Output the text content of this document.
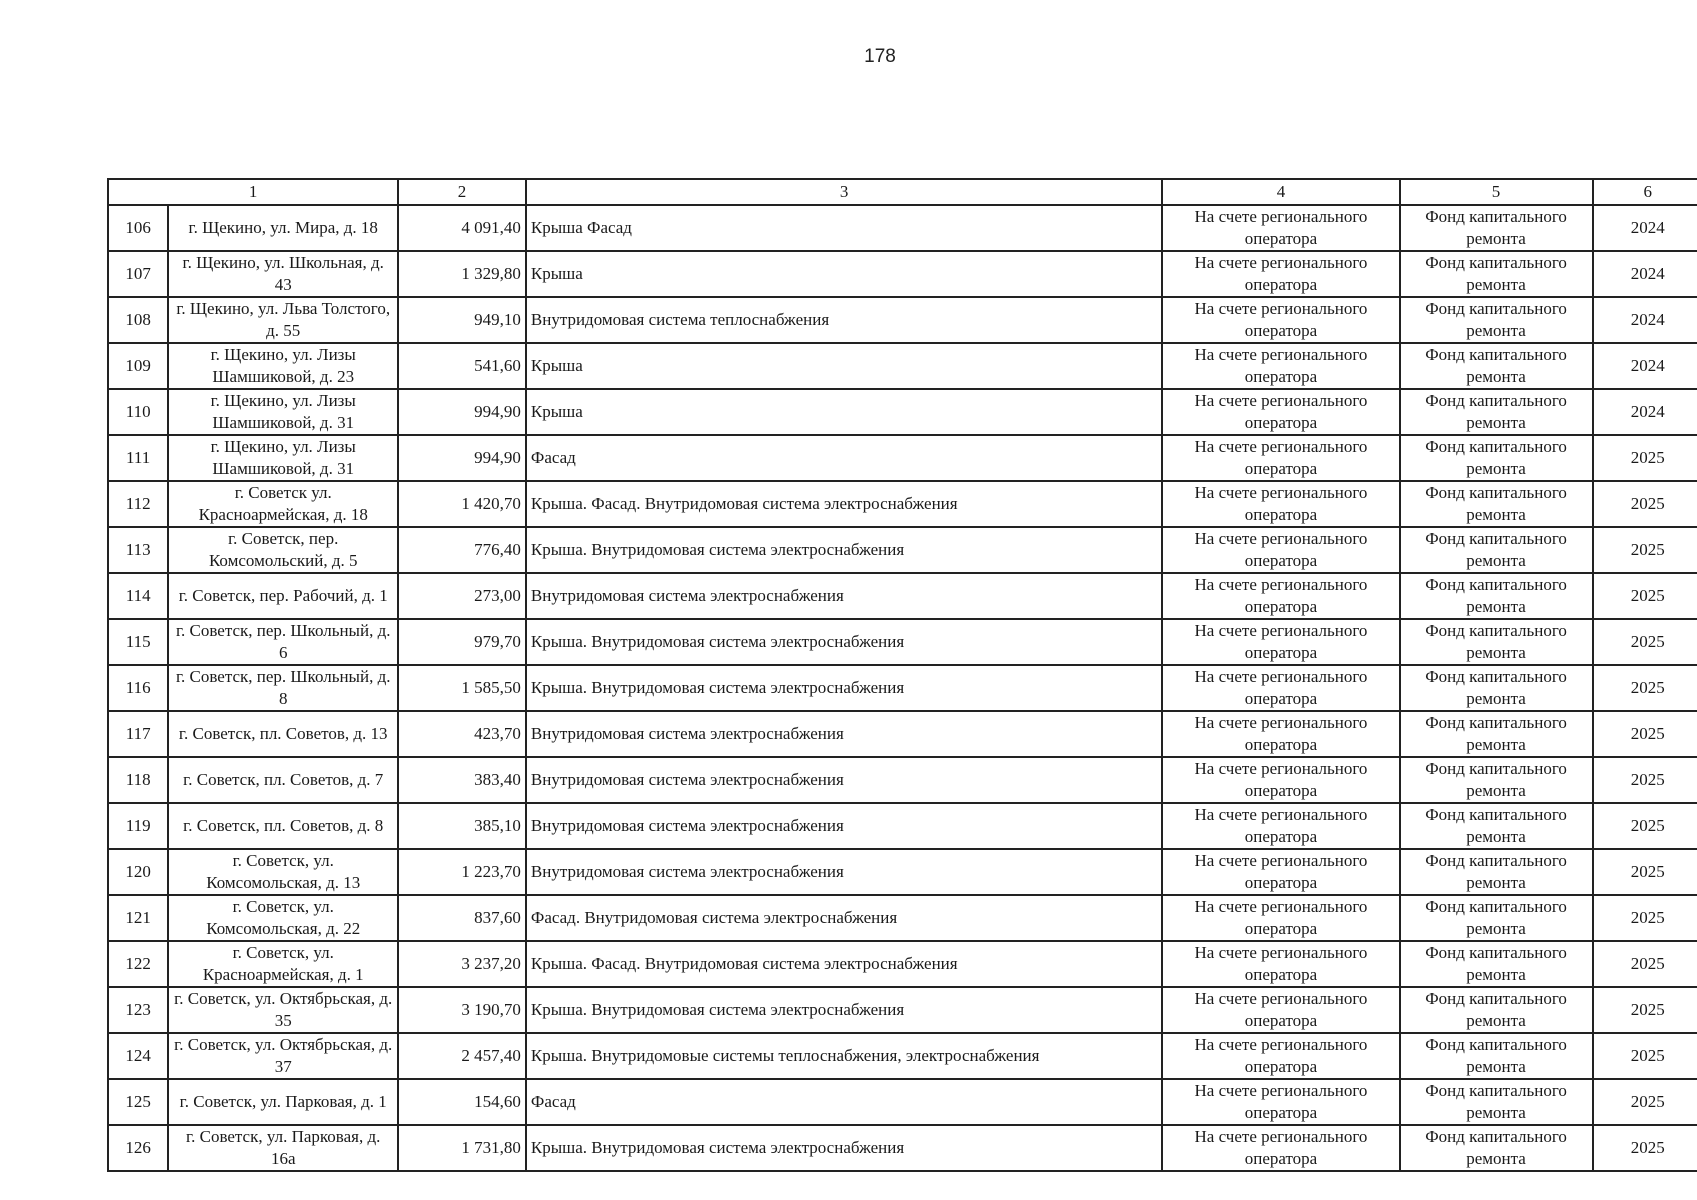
178
1		2	3	4	5	6
106	г. Щекино, ул. Мира, д. 18	4 091,40	Крыша Фасад	На счете регионального оператора	Фонд капитального ремонта	2024
107	г. Щекино, ул. Школьная, д. 43	1 329,80	Крыша	На счете регионального оператора	Фонд капитального ремонта	2024
108	г. Щекино, ул. Льва Толстого, д. 55	949,10	Внутридомовая система теплоснабжения	На счете регионального оператора	Фонд капитального ремонта	2024
109	г. Щекино, ул. Лизы Шамшиковой, д. 23	541,60	Крыша	На счете регионального оператора	Фонд капитального ремонта	2024
110	г. Щекино, ул. Лизы Шамшиковой, д. 31	994,90	Крыша	На счете регионального оператора	Фонд капитального ремонта	2024
111	г. Щекино, ул. Лизы Шамшиковой, д. 31	994,90	Фасад	На счете регионального оператора	Фонд капитального ремонта	2025
112	г. Советск ул. Красноармейская, д. 18	1 420,70	Крыша. Фасад. Внутридомовая система электроснабжения	На счете регионального оператора	Фонд капитального ремонта	2025
113	г. Советск, пер. Комсомольский, д. 5	776,40	Крыша. Внутридомовая система электроснабжения	На счете регионального оператора	Фонд капитального ремонта	2025
114	г. Советск, пер. Рабочий, д. 1	273,00	Внутридомовая система электроснабжения	На счете регионального оператора	Фонд капитального ремонта	2025
115	г. Советск, пер. Школьный, д. 6	979,70	Крыша. Внутридомовая система электроснабжения	На счете регионального оператора	Фонд капитального ремонта	2025
116	г. Советск, пер. Школьный, д. 8	1 585,50	Крыша. Внутридомовая система электроснабжения	На счете регионального оператора	Фонд капитального ремонта	2025
117	г. Советск, пл. Советов, д. 13	423,70	Внутридомовая система электроснабжения	На счете регионального оператора	Фонд капитального ремонта	2025
118	г. Советск, пл. Советов, д. 7	383,40	Внутридомовая система электроснабжения	На счете регионального оператора	Фонд капитального ремонта	2025
119	г. Советск, пл. Советов, д. 8	385,10	Внутридомовая система электроснабжения	На счете регионального оператора	Фонд капитального ремонта	2025
120	г. Советск, ул. Комсомольская, д. 13	1 223,70	Внутридомовая система электроснабжения	На счете регионального оператора	Фонд капитального ремонта	2025
121	г. Советск, ул. Комсомольская, д. 22	837,60	Фасад. Внутридомовая система электроснабжения	На счете регионального оператора	Фонд капитального ремонта	2025
122	г. Советск, ул. Красноармейская, д. 1	3 237,20	Крыша. Фасад. Внутридомовая система электроснабжения	На счете регионального оператора	Фонд капитального ремонта	2025
123	г. Советск, ул. Октябрьская, д. 35	3 190,70	Крыша. Внутридомовая система электроснабжения	На счете регионального оператора	Фонд капитального ремонта	2025
124	г. Советск, ул. Октябрьская, д. 37	2 457,40	Крыша. Внутридомовые системы теплоснабжения, электроснабжения	На счете регионального оператора	Фонд капитального ремонта	2025
125	г. Советск, ул. Парковая, д. 1	154,60	Фасад	На счете регионального оператора	Фонд капитального ремонта	2025
126	г. Советск, ул. Парковая, д. 16а	1 731,80	Крыша. Внутридомовая система электроснабжения	На счете регионального оператора	Фонд капитального ремонта	2025
